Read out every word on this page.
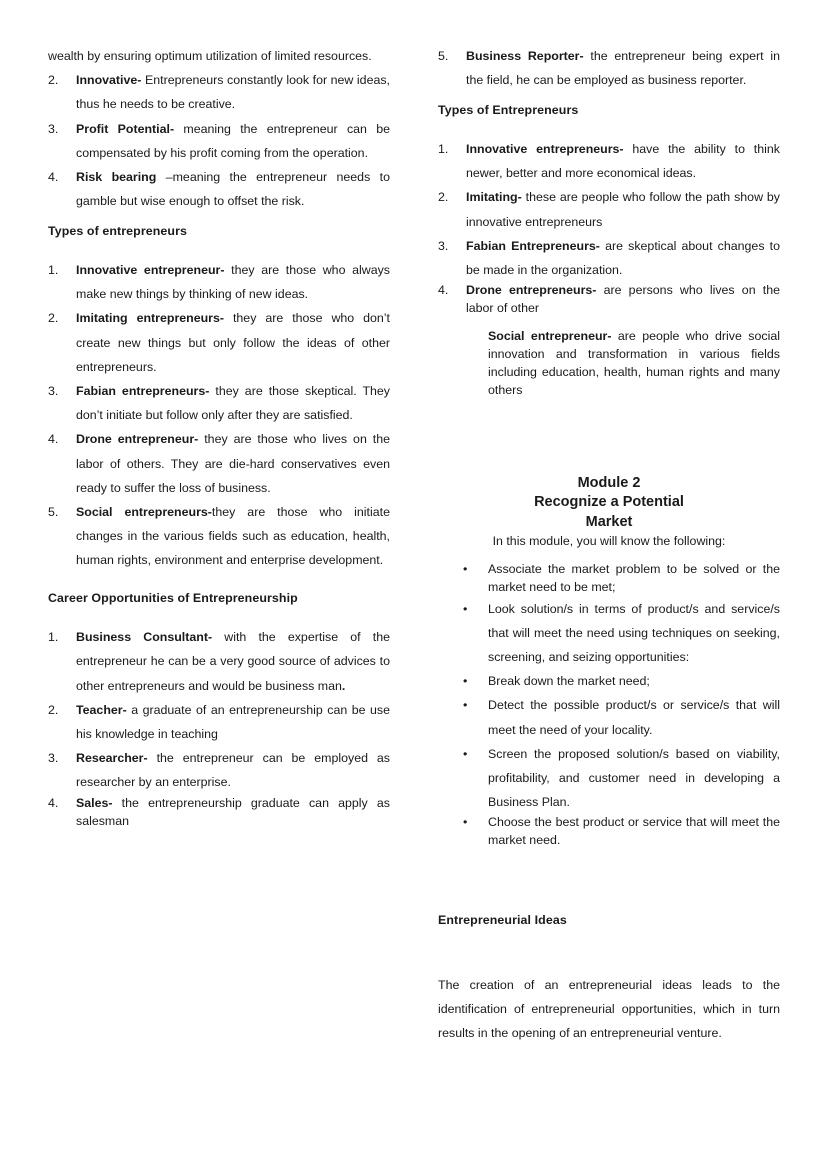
wealth by ensuring optimum utilization of limited resources.

2.	Innovative- Entrepreneurs constantly look for new ideas, thus he needs to be creative.
3.	Profit Potential- meaning the entrepreneur can be compensated by his profit coming from the operation.
4.	Risk bearing –meaning the entrepreneur needs to gamble but wise enough to offset the risk.
Types of entrepreneurs
1.	Innovative entrepreneur- they are those who always make new things by thinking of new ideas.
2.	Imitating entrepreneurs- they are those who don’t create new things but only follow the ideas of other entrepreneurs.
3.	Fabian entrepreneurs- they are those skeptical. They don’t initiate but follow only after they are satisfied.
4.	Drone entrepreneur- they are those who lives on the labor of others. They are die-hard conservatives even ready to suffer the loss of business.
5.	Social entrepreneurs-they are those who initiate changes in the various fields such as education, health, human rights, environment and enterprise development.
Career Opportunities of Entrepreneurship
1.	Business Consultant- with the expertise of the entrepreneur he can be a very good source of advices to other entrepreneurs and would be business man.
2.	Teacher- a graduate of an entrepreneurship can be use his knowledge in teaching
3.	Researcher- the entrepreneur can be employed as researcher by an enterprise.
4.	Sales- the entrepreneurship graduate can apply as salesman
5.	Business Reporter- the entrepreneur being expert in the field, he can be employed as business reporter.
Types of Entrepreneurs
1.	Innovative entrepreneurs- have the ability to think newer, better and more economical ideas.
2.	Imitating- these are people who follow the path show by innovative entrepreneurs
3.	Fabian Entrepreneurs- are skeptical about changes to be made in the organization.
4.	Drone entrepreneurs- are persons who lives on the labor of other

Social entrepreneur- are people who drive social innovation and transformation in various fields including education, health, human rights and many others

Module 2
Recognize a Potential
Market

In this module, you will know the following:

• Associate the market problem to be solved or the market need to be met;
• Look solution/s in terms of product/s and service/s that will meet the need using techniques on seeking, screening, and seizing opportunities:
• Break down the market need;
• Detect the possible product/s or service/s that will meet the need of your locality.
• Screen the proposed solution/s based on viability, profitability, and customer need in developing a Business Plan.
• Choose the best product or service that will meet the market need.
Entrepreneurial Ideas

The creation of an entrepreneurial ideas leads to the identification of entrepreneurial opportunities, which in turn results in the opening of an entrepreneurial venture.
